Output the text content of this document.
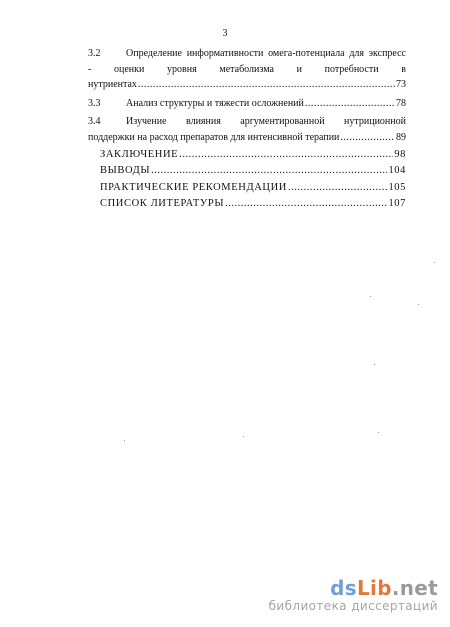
3
3.2	Определение информативности омега-потенциала для экспресс
- оценки уровня метаболизма и потребности в
нутриентах .....	73
3.3	Анализ структуры и тяжести осложнений .....	78
3.4	Изучение влияния аргументированной нутриционной
поддержки на расход препаратов для интенсивной терапии .....	89
ЗАКЛЮЧЕНИЕ .....	98
ВЫВОДЫ .....	104
ПРАКТИЧЕСКИЕ РЕКОМЕНДАЦИИ .....	105
СПИСОК ЛИТЕРАТУРЫ .....	107
dsLib.net
библиотека диссертаций
